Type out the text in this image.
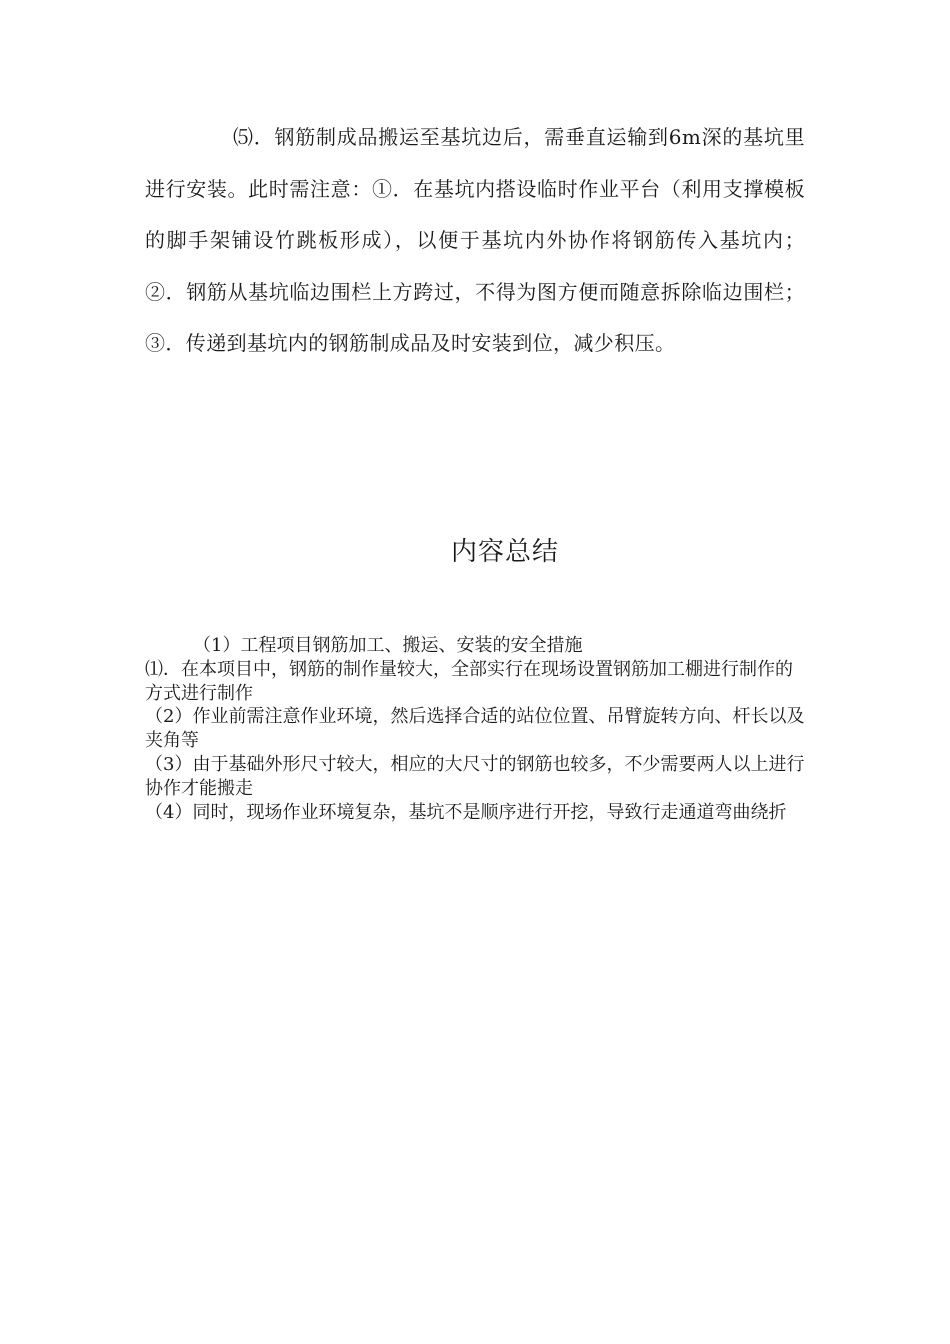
⑸．钢筋制成品搬运至基坑边后，需垂直运输到6m深的基坑里进行安装。此时需注意：①．在基坑内搭设临时作业平台（利用支撑模板的脚手架铺设竹跳板形成），以便于基坑内外协作将钢筋传入基坑内；②．钢筋从基坑临边围栏上方跨过，不得为图方便而随意拆除临边围栏；③．传递到基坑内的钢筋制成品及时安装到位，减少积压。

内容总结
（1）工程项目钢筋加工、搬运、安装的安全措施
⑴．在本项目中，钢筋的制作量较大，全部实行在现场设置钢筋加工棚进行制作的方式进行制作
（2）作业前需注意作业环境，然后选择合适的站位位置、吊臂旋转方向、杆长以及夹角等
（3）由于基础外形尺寸较大，相应的大尺寸的钢筋也较多，不少需要两人以上进行协作才能搬走
（4）同时，现场作业环境复杂，基坑不是顺序进行开挖，导致行走通道弯曲绕折
